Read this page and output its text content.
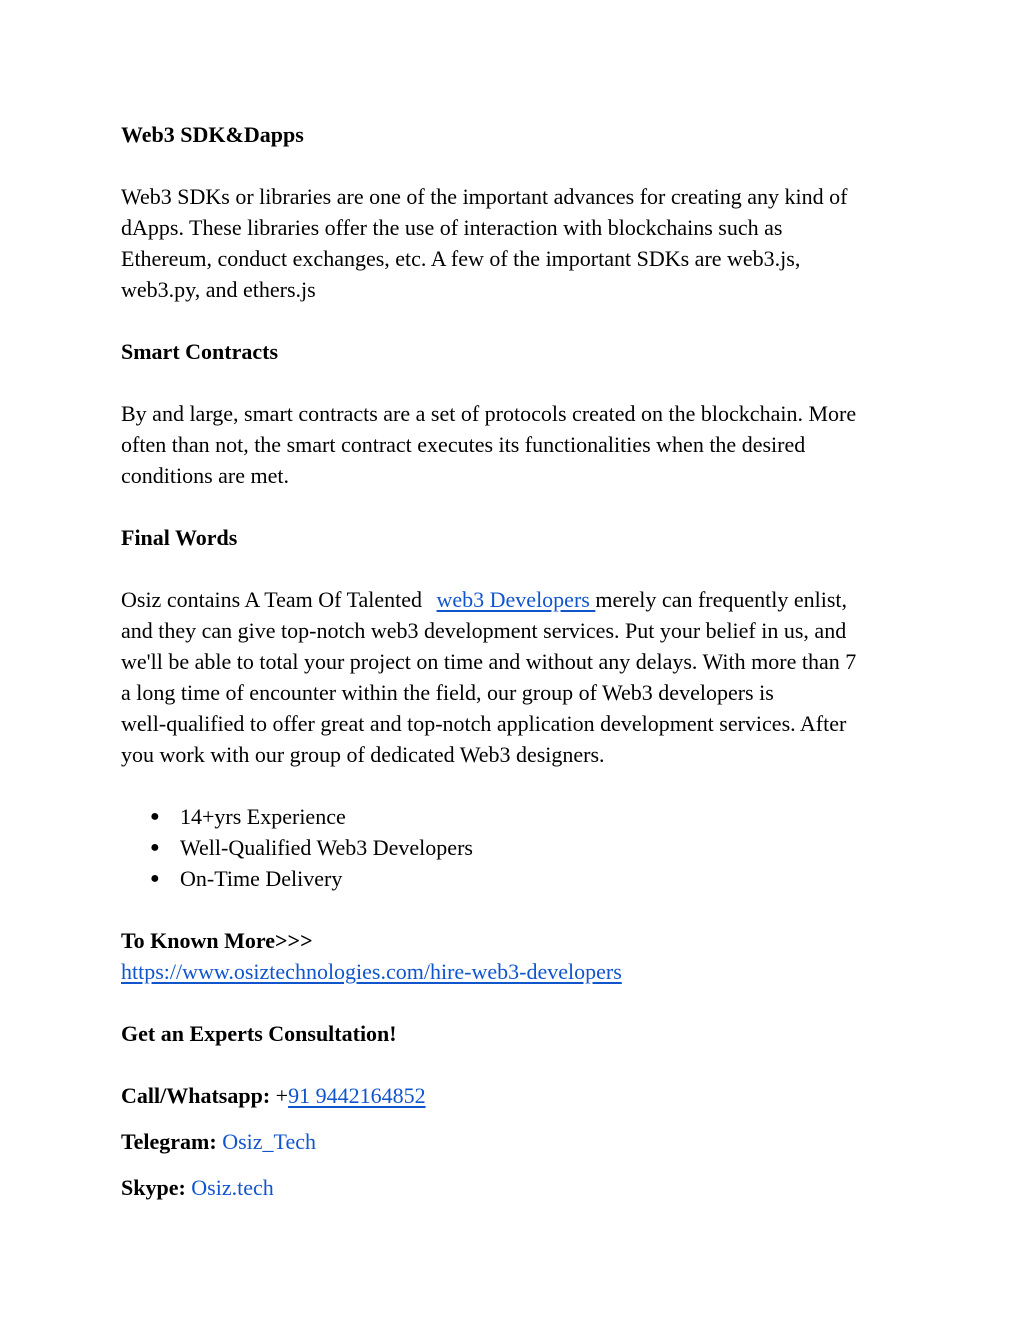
Web3 SDK&Dapps
Web3 SDKs or libraries are one of the important advances for creating any kind of
dApps. These libraries offer the use of interaction with blockchains such as
Ethereum, conduct exchanges, etc. A few of the important SDKs are web3.js,
web3.py, and ethers.js
Smart Contracts
By and large, smart contracts are a set of protocols created on the blockchain. More
often than not, the smart contract executes its functionalities when the desired
conditions are met.
Final Words
Osiz contains A Team Of Talented web3 Developers merely can frequently enlist,
and they can give top-notch web3 development services. Put your belief in us, and
we'll be able to total your project on time and without any delays. With more than 7
a long time of encounter within the field, our group of Web3 developers is
well-qualified to offer great and top-notch application development services. After
you work with our group of dedicated Web3 designers.
● 14+yrs Experience
● Well-Qualified Web3 Developers
● On-Time Delivery
To Known More>>>
https://www.osiztechnologies.com/hire-web3-developers
Get an Experts Consultation!
Call/Whatsapp: +91 9442164852
Telegram: Osiz_Tech
Skype: Osiz.tech
